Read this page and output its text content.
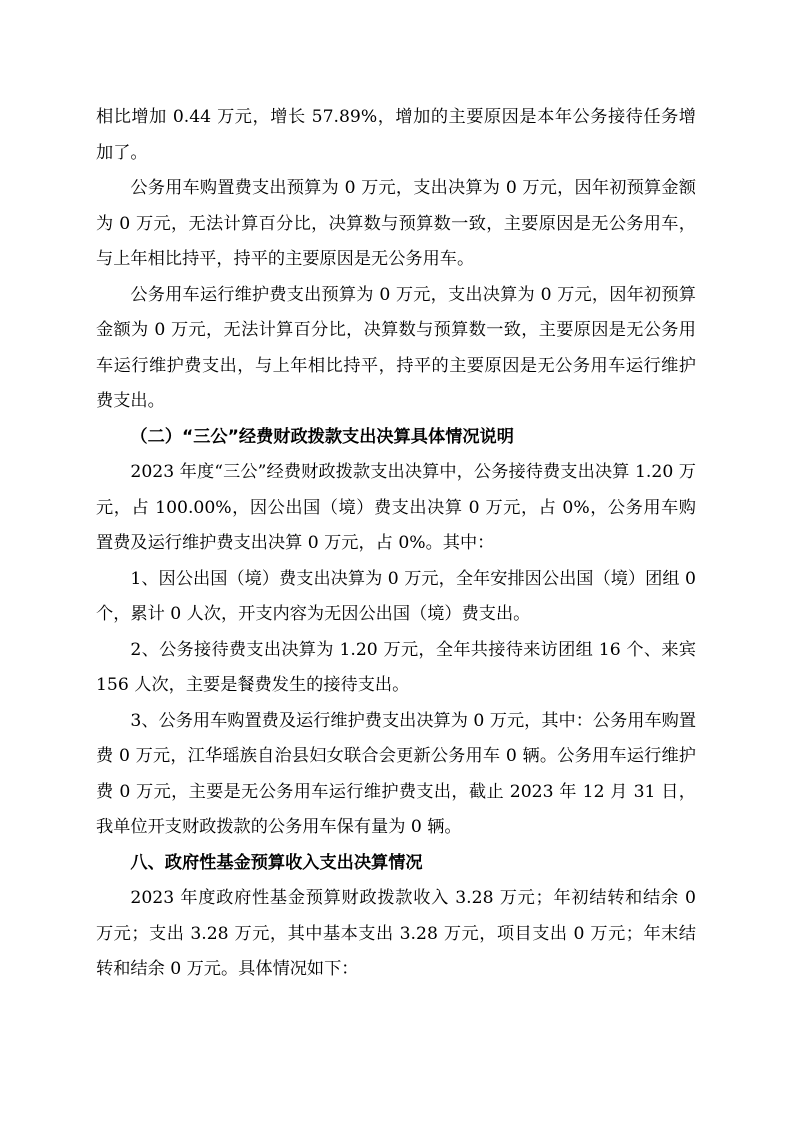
相比增加 0.44 万元，增长 57.89%，增加的主要原因是本年公务接待任务增加了。

公务用车购置费支出预算为 0 万元，支出决算为 0 万元，因年初预算金额为 0 万元，无法计算百分比，决算数与预算数一致，主要原因是无公务用车，与上年相比持平，持平的主要原因是无公务用车。

公务用车运行维护费支出预算为 0 万元，支出决算为 0 万元，因年初预算金额为 0 万元，无法计算百分比，决算数与预算数一致，主要原因是无公务用车运行维护费支出，与上年相比持平，持平的主要原因是无公务用车运行维护费支出。

（二）“三公”经费财政拨款支出决算具体情况说明

2023 年度“三公”经费财政拨款支出决算中，公务接待费支出决算 1.20 万元，占 100.00%，因公出国（境）费支出决算 0 万元，占 0%，公务用车购置费及运行维护费支出决算 0 万元，占 0%。其中：

1、因公出国（境）费支出决算为 0 万元，全年安排因公出国（境）团组 0 个，累计 0 人次，开支内容为无因公出国（境）费支出。

2、公务接待费支出决算为 1.20 万元，全年共接待来访团组 16 个、来宾 156 人次，主要是餐费发生的接待支出。

3、公务用车购置费及运行维护费支出决算为 0 万元，其中：公务用车购置费 0 万元，江华瑶族自治县妇女联合会更新公务用车 0 辆。公务用车运行维护费 0 万元，主要是无公务用车运行维护费支出，截止 2023 年 12 月 31 日，我单位开支财政拨款的公务用车保有量为 0 辆。

八、政府性基金预算收入支出决算情况

2023 年度政府性基金预算财政拨款收入 3.28 万元；年初结转和结余 0 万元；支出 3.28 万元，其中基本支出 3.28 万元，项目支出 0 万元；年末结转和结余 0 万元。具体情况如下：
